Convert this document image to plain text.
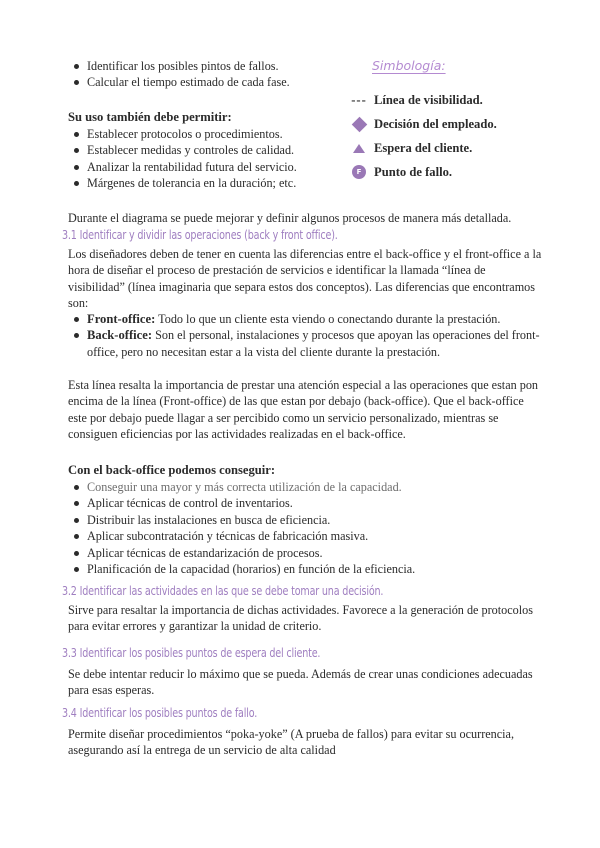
Identificar los posibles pintos de fallos.
Calcular el tiempo estimado de cada fase.
Su uso también debe permitir:
Establecer protocolos o procedimientos.
Establecer medidas y controles de calidad.
Analizar la rentabilidad futura del servicio.
Márgenes de tolerancia en la duración; etc.
Simbología:
--- Línea de visibilidad.
Decisión del empleado.
Espera del cliente.
F	Punto de fallo.

Durante el diagrama se puede mejorar y definir algunos procesos de manera más detallada.

3.1 Identificar y dividir las operaciones (back y front office).

Los diseñadores deben de tener en cuenta las diferencias entre el back-office y el front-office a la hora de diseñar el proceso de prestación de servicios e identificar la llamada “línea de visibilidad” (línea imaginaria que separa estos dos conceptos). Las diferencias que encontramos son:

Front-office: Todo lo que un cliente esta viendo o conectando durante la prestación.
Back-office: Son el personal, instalaciones y procesos que apoyan las operaciones del front-office, pero no necesitan estar a la vista del cliente durante la prestación.

Esta línea resalta la importancia de prestar una atención especial a las operaciones que estan pon encima de la línea (Front-office) de las que estan por debajo (back-office). Que el back-office este por debajo puede llagar a ser percibido como un servicio personalizado, mientras se consiguen eficiencias por las actividades realizadas en el back-office.

Con el back-office podemos conseguir:
Conseguir una mayor y más correcta utilización de la capacidad.
Aplicar técnicas de control de inventarios.
Distribuir las instalaciones en busca de eficiencia.
Aplicar subcontratación y técnicas de fabricación masiva.
Aplicar técnicas de estandarización de procesos.
Planificación de la capacidad (horarios) en función de la eficiencia.
3.2 Identificar las actividades en las que se debe tomar una decisión.

Sirve para resaltar la importancia de dichas actividades. Favorece a la generación de protocolos para evitar errores y garantizar la unidad de criterio.

3.3 Identificar los posibles puntos de espera del cliente.

Se debe intentar reducir lo máximo que se pueda. Además de crear unas condiciones adecuadas para esas esperas.

3.4 Identificar los posibles puntos de fallo.

Permite diseñar procedimientos “poka-yoke” (A prueba de fallos) para evitar su ocurrencia, asegurando así la entrega de un servicio de alta calidad
